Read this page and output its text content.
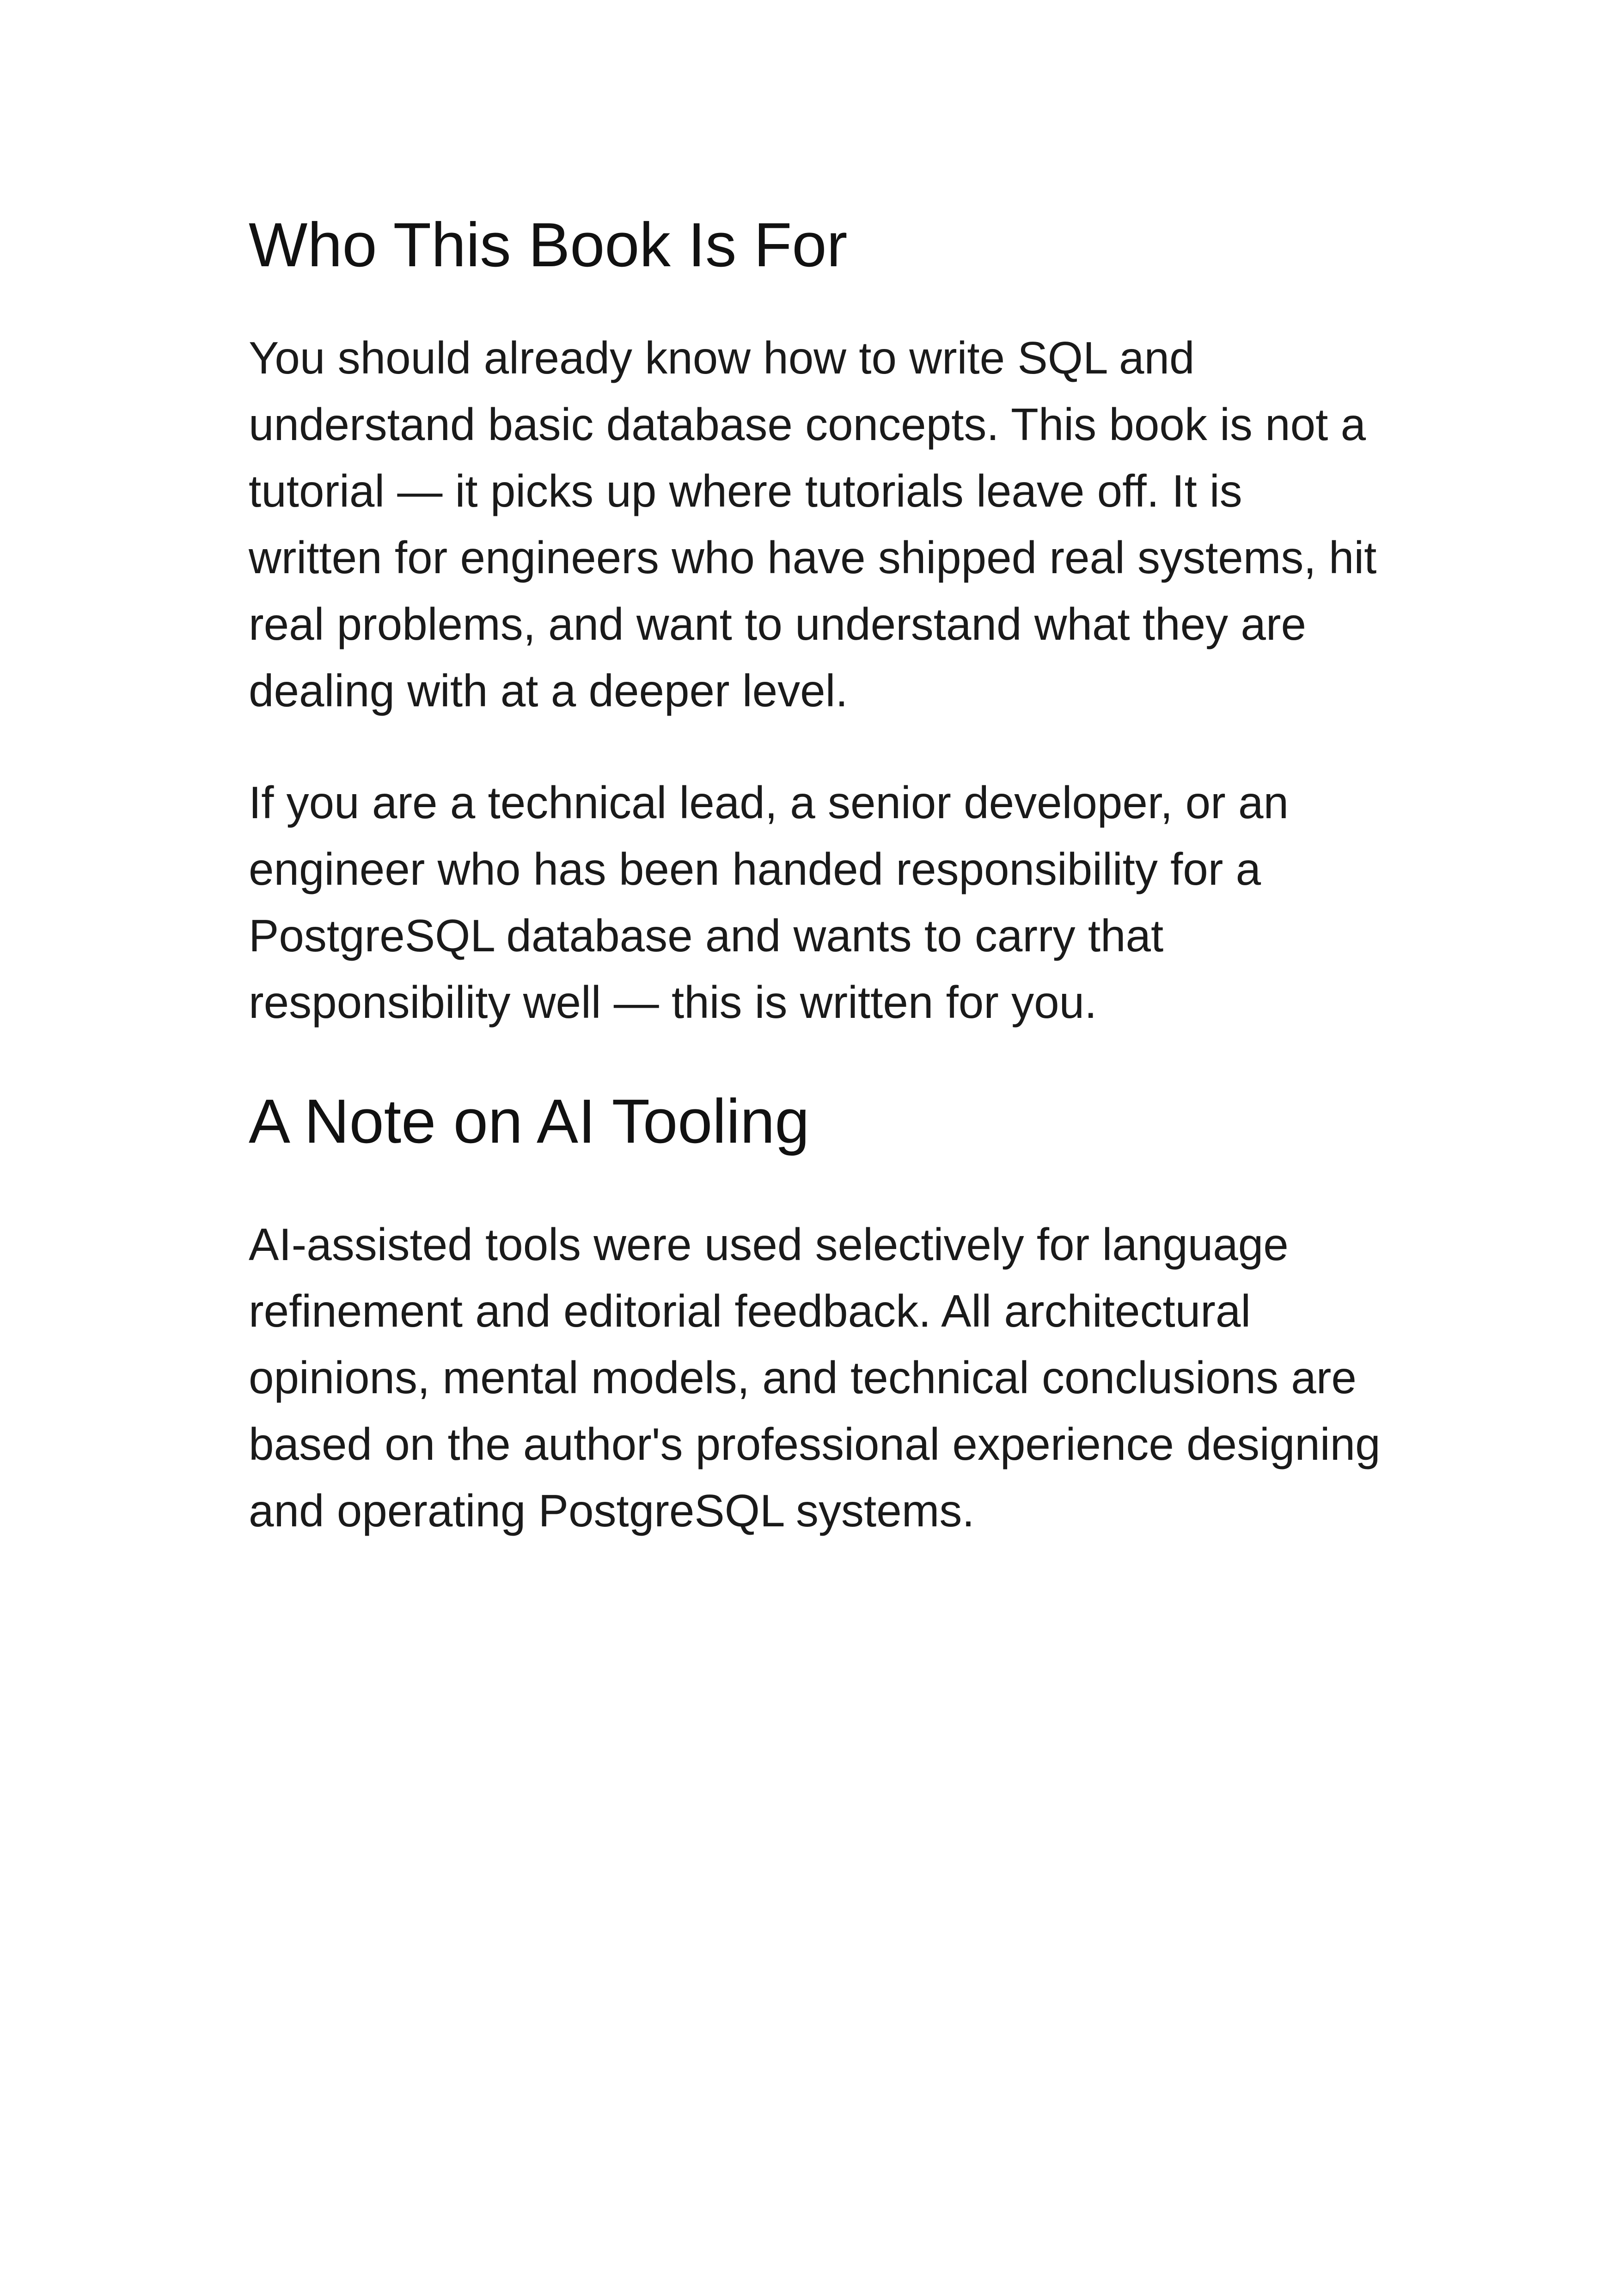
Who This Book Is For

You should already know how to write SQL and
understand basic database concepts. This book is not a
tutorial — it picks up where tutorials leave off. It is
written for engineers who have shipped real systems, hit
real problems, and want to understand what they are
dealing with at a deeper level.

If you are a technical lead, a senior developer, or an
engineer who has been handed responsibility for a
PostgreSQL database and wants to carry that
responsibility well — this is written for you.

A Note on AI Tooling

AI-assisted tools were used selectively for language
refinement and editorial feedback. All architectural
opinions, mental models, and technical conclusions are
based on the author's professional experience designing
and operating PostgreSQL systems.
